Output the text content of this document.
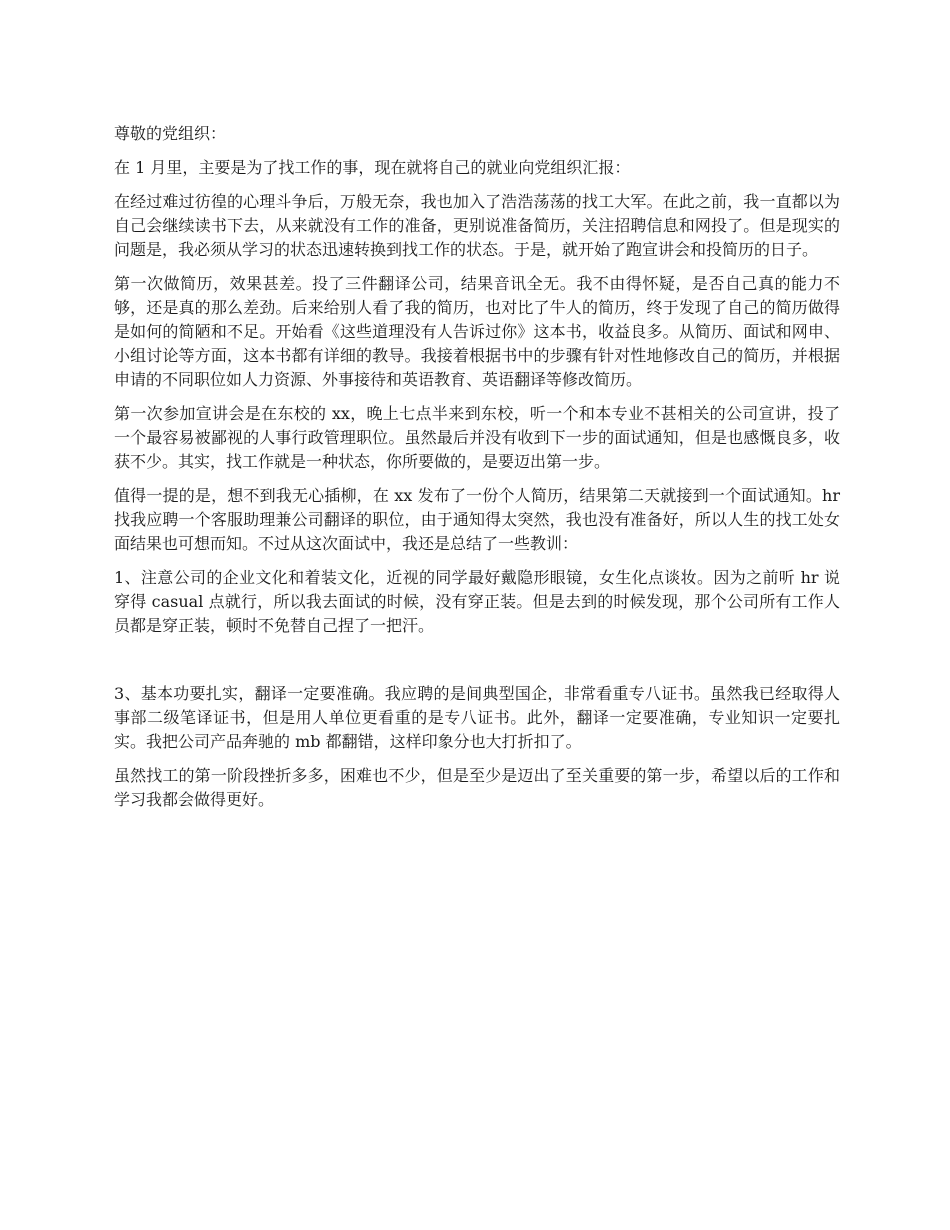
尊敬的党组织：

在 1 月里，主要是为了找工作的事，现在就将自己的就业向党组织汇报：

在经过难过彷徨的心理斗争后，万般无奈，我也加入了浩浩荡荡的找工大军。在此之前，我一直都以为自己会继续读书下去，从来就没有工作的准备，更别说准备简历，关注招聘信息和网投了。但是现实的问题是，我必须从学习的状态迅速转换到找工作的状态。于是，就开始了跑宣讲会和投简历的日子。

第一次做简历，效果甚差。投了三件翻译公司，结果音讯全无。我不由得怀疑，是否自己真的能力不够，还是真的那么差劲。后来给别人看了我的简历，也对比了牛人的简历，终于发现了自己的简历做得是如何的简陋和不足。开始看《这些道理没有人告诉过你》这本书，收益良多。从简历、面试和网申、小组讨论等方面，这本书都有详细的教导。我接着根据书中的步骤有针对性地修改自己的简历，并根据申请的不同职位如人力资源、外事接待和英语教育、英语翻译等修改简历。

第一次参加宣讲会是在东校的 xx，晚上七点半来到东校，听一个和本专业不甚相关的公司宣讲，投了一个最容易被鄙视的人事行政管理职位。虽然最后并没有收到下一步的面试通知，但是也感慨良多，收获不少。其实，找工作就是一种状态，你所要做的，是要迈出第一步。

值得一提的是，想不到我无心插柳，在 xx 发布了一份个人简历，结果第二天就接到一个面试通知。hr 找我应聘一个客服助理兼公司翻译的职位，由于通知得太突然，我也没有准备好，所以人生的找工处女面结果也可想而知。不过从这次面试中，我还是总结了一些教训：

1、注意公司的企业文化和着装文化，近视的同学最好戴隐形眼镜，女生化点谈妆。因为之前听 hr 说穿得 casual 点就行，所以我去面试的时候，没有穿正装。但是去到的时候发现，那个公司所有工作人员都是穿正装，顿时不免替自己捏了一把汗。

3、基本功要扎实，翻译一定要准确。我应聘的是间典型国企，非常看重专八证书。虽然我已经取得人事部二级笔译证书，但是用人单位更看重的是专八证书。此外，翻译一定要准确，专业知识一定要扎实。我把公司产品奔驰的 mb 都翻错，这样印象分也大打折扣了。

虽然找工的第一阶段挫折多多，困难也不少，但是至少是迈出了至关重要的第一步，希望以后的工作和学习我都会做得更好。
